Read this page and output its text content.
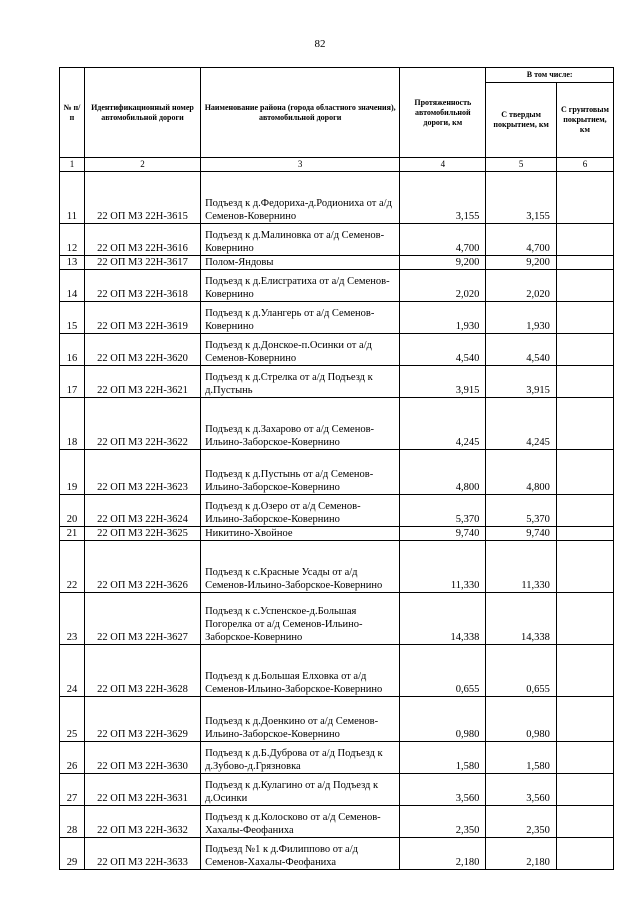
82
№ п/п	Идентификационный номер автомобильной дороги	Наименование района (города областного значения), автомобильной дороги	Протяженность автомобильной дороги, км	В том числе:	
				С твердым покрытием, км	С грунтовым покрытием, км
1	2	3	4	5	6
11	22 ОП МЗ 22Н-3615	Подъезд к д.Федориха-д.Родиониха от а/д Семенов-Ковернино	3,155	3,155	
12	22 ОП МЗ 22Н-3616	Подъезд к д.Малиновка от а/д Семенов-Ковернино	4,700	4,700	
13	22 ОП МЗ 22Н-3617	Полом-Яндовы	9,200	9,200	
14	22 ОП МЗ 22Н-3618	Подъезд к д.Елисгратиха от а/д Семенов-Ковернино	2,020	2,020	
15	22 ОП МЗ 22Н-3619	Подъезд к д.Улангерь от а/д Семенов-Ковернино	1,930	1,930	
16	22 ОП МЗ 22Н-3620	Подъезд к д.Донское-п.Осинки от а/д Семенов-Ковернино	4,540	4,540	
17	22 ОП МЗ 22Н-3621	Подъезд к д.Стрелка от а/д Подъезд к д.Пустынь	3,915	3,915	
18	22 ОП МЗ 22Н-3622	Подъезд к д.Захарово от а/д Семенов-Ильино-Заборское-Ковернино	4,245	4,245	
19	22 ОП МЗ 22Н-3623	Подъезд к д.Пустынь от а/д Семенов-Ильино-Заборское-Ковернино	4,800	4,800	
20	22 ОП МЗ 22Н-3624	Подъезд к д.Озеро от а/д Семенов-Ильино-Заборское-Ковернино	5,370	5,370	
21	22 ОП МЗ 22Н-3625	Никитино-Хвойное	9,740	9,740	
22	22 ОП МЗ 22Н-3626	Подъезд к с.Красные Усады от а/д Семенов-Ильино-Заборское-Ковернино	11,330	11,330	
23	22 ОП МЗ 22Н-3627	Подъезд к с.Успенское-д.Большая Погорелка от а/д Семенов-Ильино-Заборское-Ковернино	14,338	14,338	
24	22 ОП МЗ 22Н-3628	Подъезд к д.Большая Елховка от а/д Семенов-Ильино-Заборское-Ковернино	0,655	0,655	
25	22 ОП МЗ 22Н-3629	Подъезд к д.Доенкино от а/д Семенов-Ильино-Заборское-Ковернино	0,980	0,980	
26	22 ОП МЗ 22Н-3630	Подъезд к д.Б.Дуброва от а/д Подъезд к д.Зубово-д.Грязновка	1,580	1,580	
27	22 ОП МЗ 22Н-3631	Подъезд к д.Кулагино от а/д Подъезд к д.Осинки	3,560	3,560	
28	22 ОП МЗ 22Н-3632	Подъезд к д.Колосково от а/д Семенов-Хахалы-Феофаниха	2,350	2,350	
29	22 ОП МЗ 22Н-3633	Подъезд №1 к д.Филиппово от а/д Семенов-Хахалы-Феофаниха	2,180	2,180	
